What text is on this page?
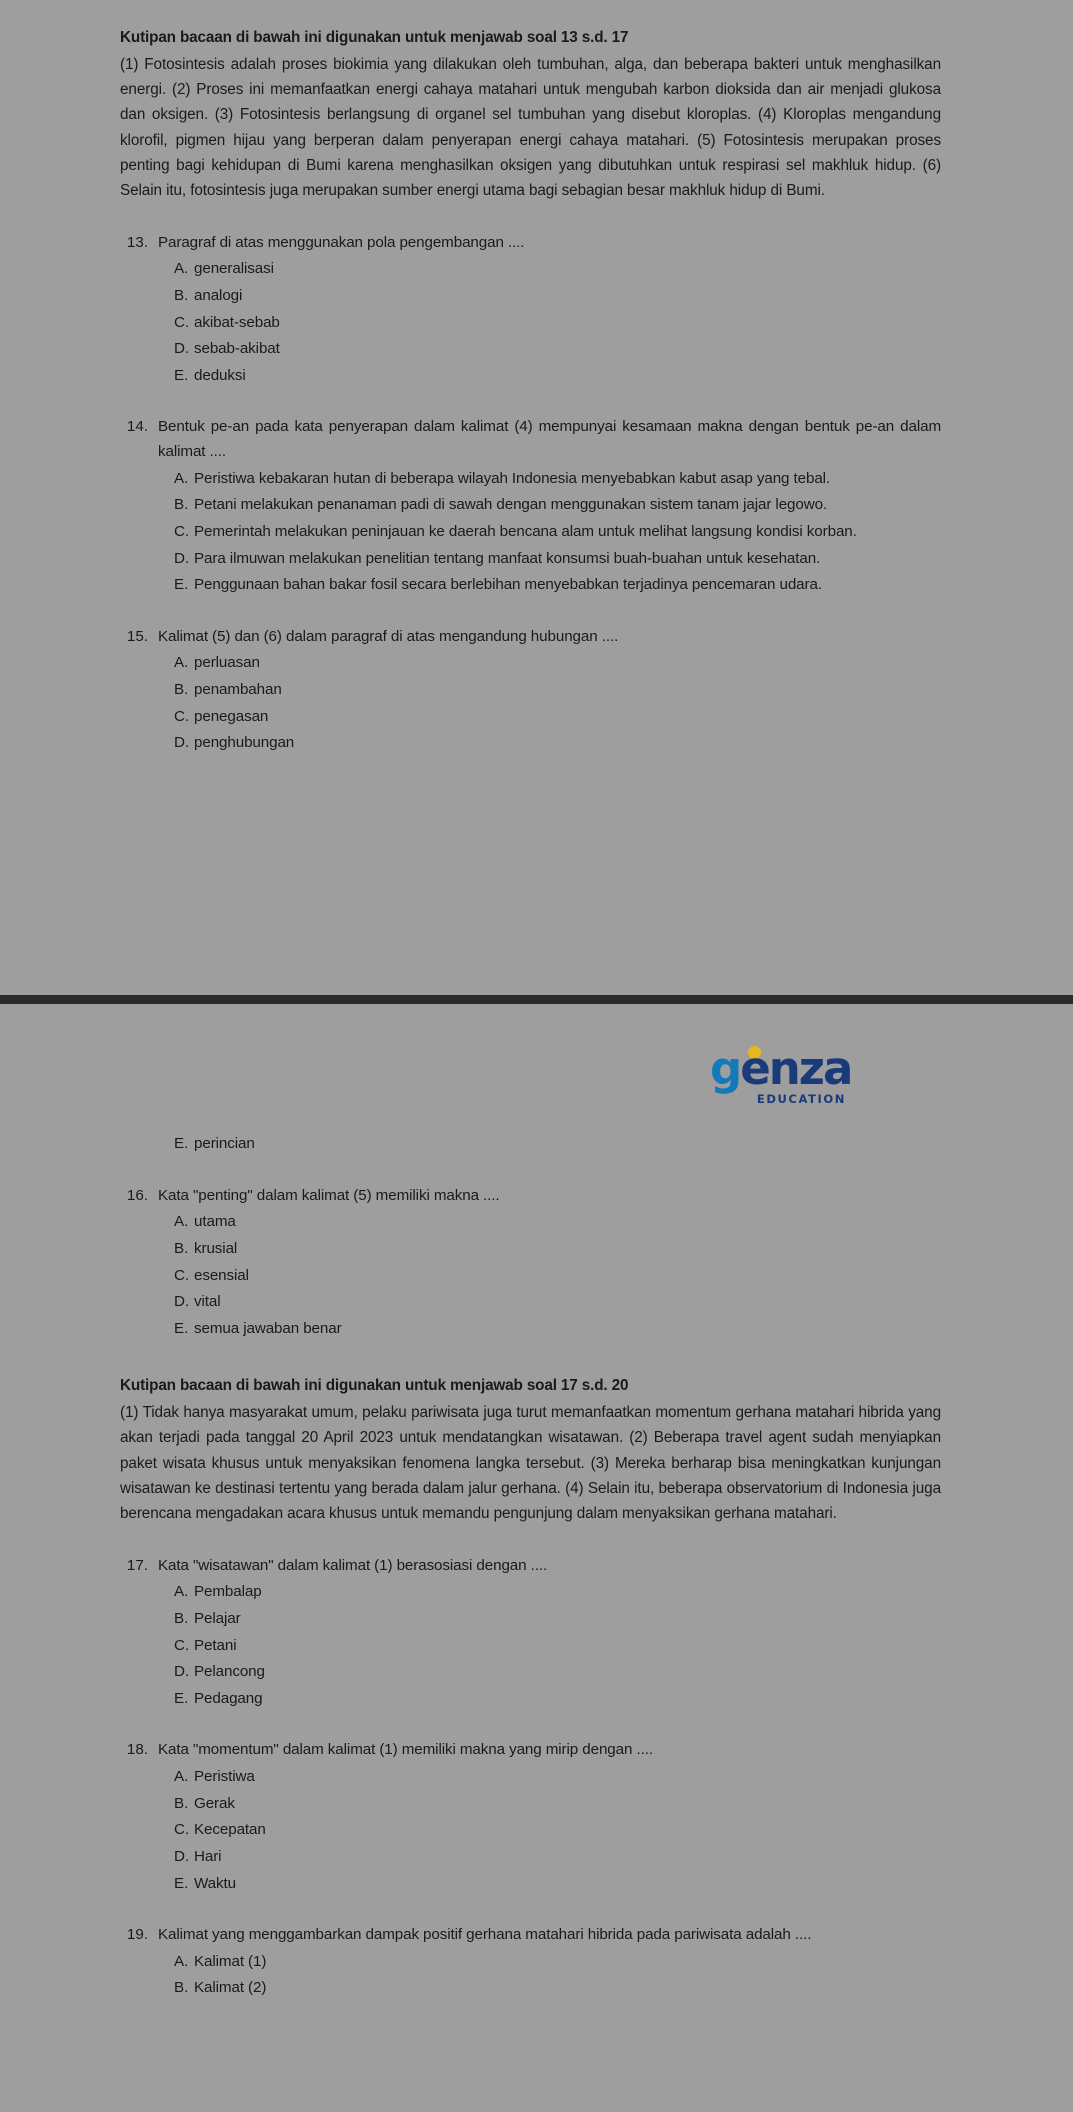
Kutipan bacaan di bawah ini digunakan untuk menjawab soal 13 s.d. 17
(1) Fotosintesis adalah proses biokimia yang dilakukan oleh tumbuhan, alga, dan beberapa bakteri untuk menghasilkan energi. (2) Proses ini memanfaatkan energi cahaya matahari untuk mengubah karbon dioksida dan air menjadi glukosa dan oksigen. (3) Fotosintesis berlangsung di organel sel tumbuhan yang disebut kloroplas. (4) Kloroplas mengandung klorofil, pigmen hijau yang berperan dalam penyerapan energi cahaya matahari. (5) Fotosintesis merupakan proses penting bagi kehidupan di Bumi karena menghasilkan oksigen yang dibutuhkan untuk respirasi sel makhluk hidup. (6) Selain itu, fotosintesis juga merupakan sumber energi utama bagi sebagian besar makhluk hidup di Bumi.
13. Paragraf di atas menggunakan pola pengembangan ....
A. generalisasi
B. analogi
C. akibat-sebab
D. sebab-akibat
E. deduksi
14. Bentuk pe-an pada kata penyerapan dalam kalimat (4) mempunyai kesamaan makna dengan bentuk pe-an dalam kalimat ....
A. Peristiwa kebakaran hutan di beberapa wilayah Indonesia menyebabkan kabut asap yang tebal.
B. Petani melakukan penanaman padi di sawah dengan menggunakan sistem tanam jajar legowo.
C. Pemerintah melakukan peninjauan ke daerah bencana alam untuk melihat langsung kondisi korban.
D. Para ilmuwan melakukan penelitian tentang manfaat konsumsi buah-buahan untuk kesehatan.
E. Penggunaan bahan bakar fosil secara berlebihan menyebabkan terjadinya pencemaran udara.
15. Kalimat (5) dan (6) dalam paragraf di atas mengandung hubungan ....
A. perluasan
B. penambahan
C. penegasan
D. penghubungan
genza
EDUCATION
E. perincian
16. Kata "penting" dalam kalimat (5) memiliki makna ....
A. utama
B. krusial
C. esensial
D. vital
E. semua jawaban benar
Kutipan bacaan di bawah ini digunakan untuk menjawab soal 17 s.d. 20
(1) Tidak hanya masyarakat umum, pelaku pariwisata juga turut memanfaatkan momentum gerhana matahari hibrida yang akan terjadi pada tanggal 20 April 2023 untuk mendatangkan wisatawan. (2) Beberapa travel agent sudah menyiapkan paket wisata khusus untuk menyaksikan fenomena langka tersebut. (3) Mereka berharap bisa meningkatkan kunjungan wisatawan ke destinasi tertentu yang berada dalam jalur gerhana. (4) Selain itu, beberapa observatorium di Indonesia juga berencana mengadakan acara khusus untuk memandu pengunjung dalam menyaksikan gerhana matahari.
17. Kata "wisatawan" dalam kalimat (1) berasosiasi dengan ....
A. Pembalap
B. Pelajar
C. Petani
D. Pelancong
E. Pedagang
18. Kata "momentum" dalam kalimat (1) memiliki makna yang mirip dengan ....
A. Peristiwa
B. Gerak
C. Kecepatan
D. Hari
E. Waktu
19. Kalimat yang menggambarkan dampak positif gerhana matahari hibrida pada pariwisata adalah ....
A. Kalimat (1)
B. Kalimat (2)
